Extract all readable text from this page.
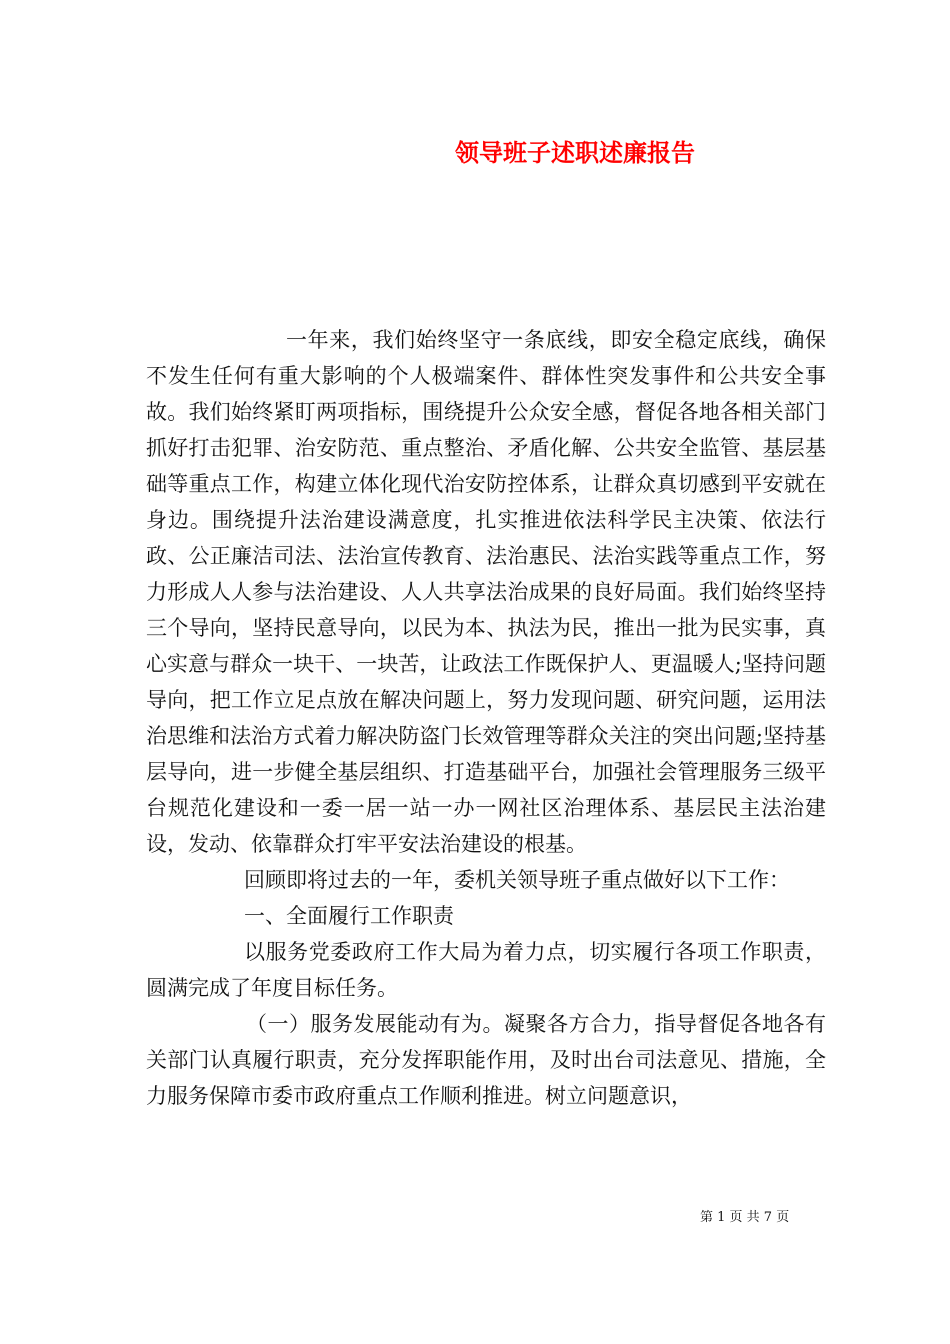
领导班子述职述廉报告

一年来，我们始终坚守一条底线，即安全稳定底线，确保不发生任何有重大影响的个人极端案件、群体性突发事件和公共安全事故。我们始终紧盯两项指标，围绕提升公众安全感，督促各地各相关部门抓好打击犯罪、治安防范、重点整治、矛盾化解、公共安全监管、基层基础等重点工作，构建立体化现代治安防控体系，让群众真切感到平安就在身边。围绕提升法治建设满意度，扎实推进依法科学民主决策、依法行政、公正廉洁司法、法治宣传教育、法治惠民、法治实践等重点工作，努力形成人人参与法治建设、人人共享法治成果的良好局面。我们始终坚持三个导向，坚持民意导向，以民为本、执法为民，推出一批为民实事，真心实意与群众一块干、一块苦，让政法工作既保护人、更温暖人;坚持问题导向，把工作立足点放在解决问题上，努力发现问题、研究问题，运用法治思维和法治方式着力解决防盗门长效管理等群众关注的突出问题;坚持基层导向，进一步健全基层组织、打造基础平台，加强社会管理服务三级平台规范化建设和一委一居一站一办一网社区治理体系、基层民主法治建设，发动、依靠群众打牢平安法治建设的根基。

回顾即将过去的一年，委机关领导班子重点做好以下工作：

一、全面履行工作职责

以服务党委政府工作大局为着力点，切实履行各项工作职责，圆满完成了年度目标任务。

（一）服务发展能动有为。凝聚各方合力，指导督促各地各有关部门认真履行职责，充分发挥职能作用，及时出台司法意见、措施，全力服务保障市委市政府重点工作顺利推进。树立问题意识，

第 1 页 共 7 页
